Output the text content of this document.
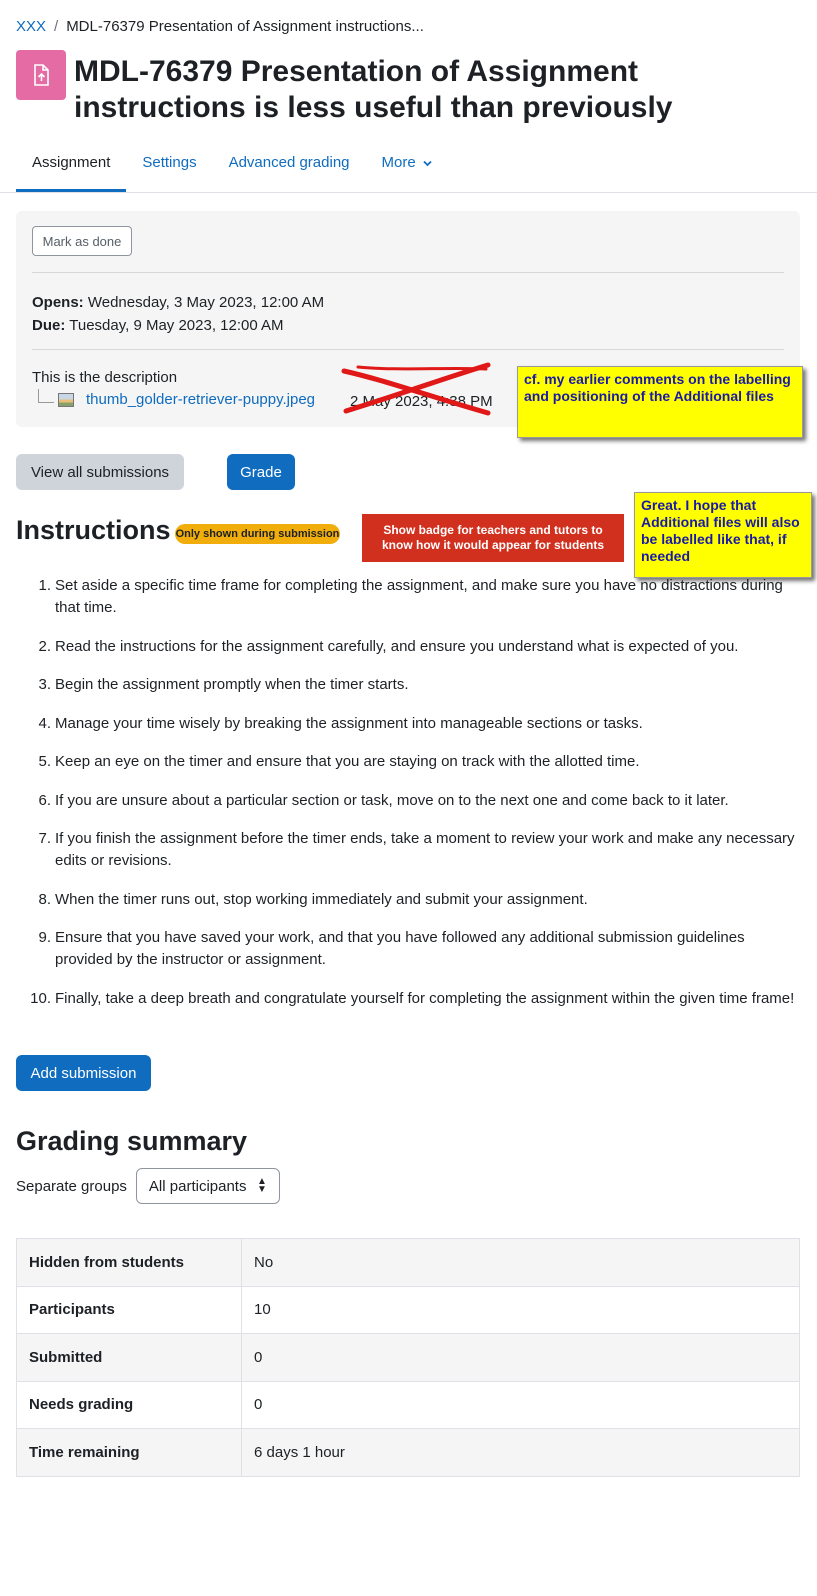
XXX / MDL-76379 Presentation of Assignment instructions...
MDL-76379 Presentation of Assignment instructions is less useful than previously
Assignment	Settings	Advanced grading	More
Mark as done
Opens: Wednesday, 3 May 2023, 12:00 AM
Due: Tuesday, 9 May 2023, 12:00 AM
This is the description
thumb_golder-retriever-puppy.jpeg 2 May 2023, 4:38 PM
cf. my earlier comments on the labelling and positioning of the Additional files
Great. I hope that Additional files will also be labelled like that, if needed
Show badge for teachers and tutors to know how it would appear for students
View all submissions	Grade
Instructions Only shown during submission
1. Set aside a specific time frame for completing the assignment, and make sure you have no distractions during that time.
2. Read the instructions for the assignment carefully, and ensure you understand what is expected of you.
3. Begin the assignment promptly when the timer starts.
4. Manage your time wisely by breaking the assignment into manageable sections or tasks.
5. Keep an eye on the timer and ensure that you are staying on track with the allotted time.
6. If you are unsure about a particular section or task, move on to the next one and come back to it later.
7. If you finish the assignment before the timer ends, take a moment to review your work and make any necessary edits or revisions.
8. When the timer runs out, stop working immediately and submit your assignment.
9. Ensure that you have saved your work, and that you have followed any additional submission guidelines provided by the instructor or assignment.
10. Finally, take a deep breath and congratulate yourself for completing the assignment within the given time frame!
Add submission
Grading summary
Separate groups All participants ▲
▼
Hidden from students	No
Participants	10
Submitted	0
Needs grading	0
Time remaining	6 days 1 hour
